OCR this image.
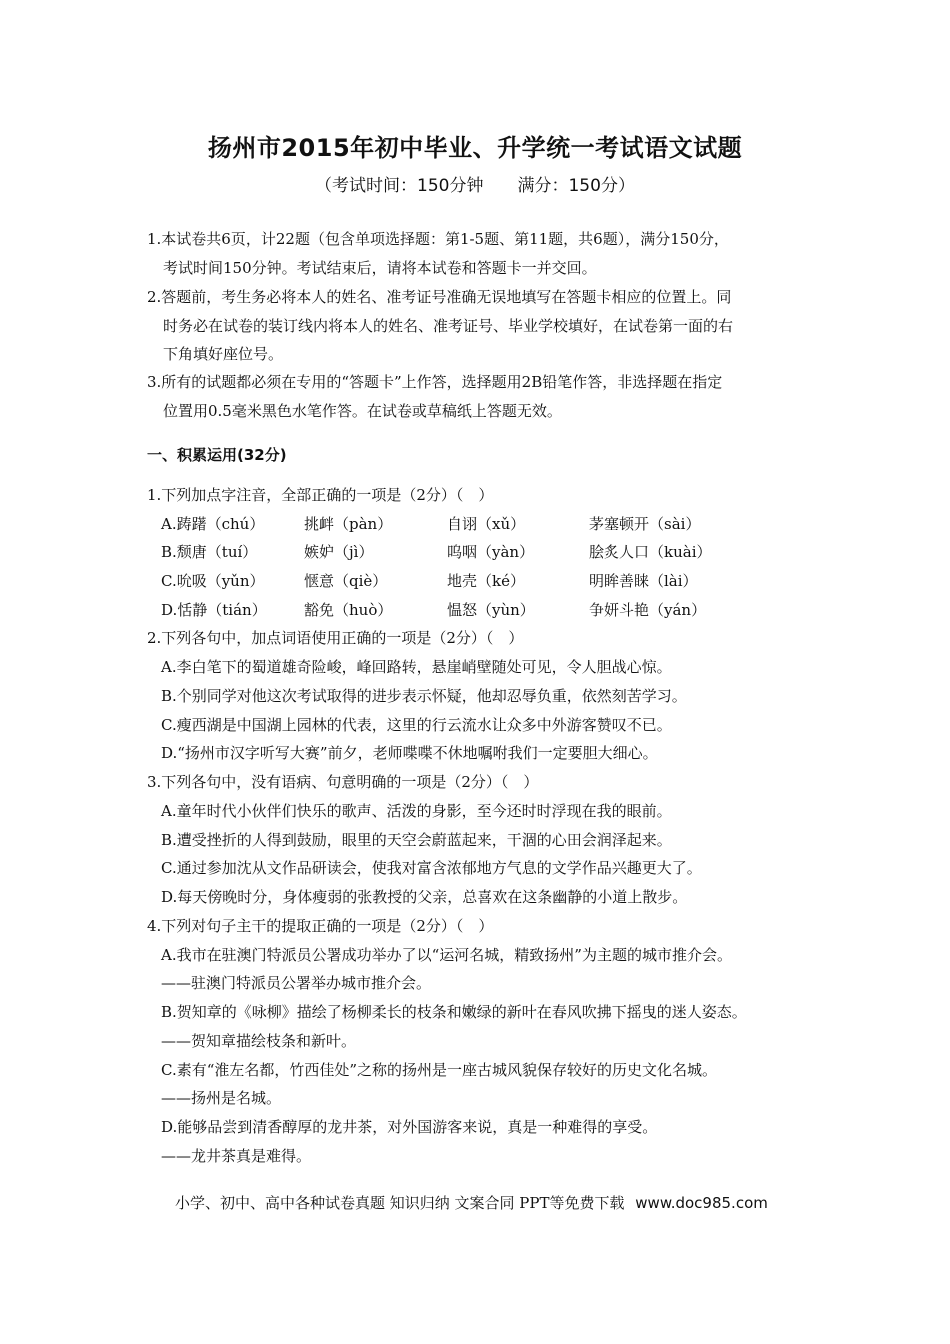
扬州市2015年初中毕业、升学统一考试语文试题
（考试时间：150分钟　　满分：150分）
1.本试卷共6页，计22题（包含单项选择题：第1-5题、第11题，共6题），满分150分，
考试时间150分钟。考试结束后，请将本试卷和答题卡一并交回。
2.答题前，考生务必将本人的姓名、准考证号准确无误地填写在答题卡相应的位置上。同
时务必在试卷的装订线内将本人的姓名、准考证号、毕业学校填好，在试卷第一面的右
下角填好座位号。
3.所有的试题都必须在专用的“答题卡”上作答，选择题用2B铅笔作答，非选择题在指定
位置用0.5毫米黑色水笔作答。在试卷或草稿纸上答题无效。
一、积累运用(32分)
1.下列加点字注音，全部正确的一项是（2分）（　）
A.踌躇（chú）	挑衅（pàn）	自诩（xǔ）	茅塞顿开（sài）
B.颓唐（tuí）	嫉妒（jì）	呜咽（yàn）	脍炙人口（kuài）
C.吮吸（yǔn）	惬意（qiè）	地壳（ké）	明眸善睐（lài）
D.恬静（tián） 豁免（huò）	愠怒（yùn）	争妍斗艳（yán）
2.下列各句中，加点词语使用正确的一项是（2分）（　）
A.李白笔下的蜀道雄奇险峻，峰回路转，悬崖峭壁随处可见，令人胆战心惊。
B.个别同学对他这次考试取得的进步表示怀疑，他却忍辱负重，依然刻苦学习。
C.瘦西湖是中国湖上园林的代表，这里的行云流水让众多中外游客赞叹不已。
D.“扬州市汉字听写大赛”前夕，老师喋喋不休地嘱咐我们一定要胆大细心。
3.下列各句中，没有语病、句意明确的一项是（2分）（　）
A.童年时代小伙伴们快乐的歌声、活泼的身影，至今还时时浮现在我的眼前。
B.遭受挫折的人得到鼓励，眼里的天空会蔚蓝起来，干涸的心田会润泽起来。
C.通过参加沈从文作品研读会，使我对富含浓郁地方气息的文学作品兴趣更大了。
D.每天傍晚时分，身体瘦弱的张教授的父亲，总喜欢在这条幽静的小道上散步。
4.下列对句子主干的提取正确的一项是（2分）（　）
A.我市在驻澳门特派员公署成功举办了以“运河名城，精致扬州”为主题的城市推介会。
——驻澳门特派员公署举办城市推介会。
B.贺知章的《咏柳》描绘了杨柳柔长的枝条和嫩绿的新叶在春风吹拂下摇曳的迷人姿态。
——贺知章描绘枝条和新叶。
C.素有“淮左名都，竹西佳处”之称的扬州是一座古城风貌保存较好的历史文化名城。
——扬州是名城。
D.能够品尝到清香醇厚的龙井茶，对外国游客来说，真是一种难得的享受。
——龙井茶真是难得。
小学、初中、高中各种试卷真题 知识归纳 文案合同 PPT等免费下载 www.doc985.com
